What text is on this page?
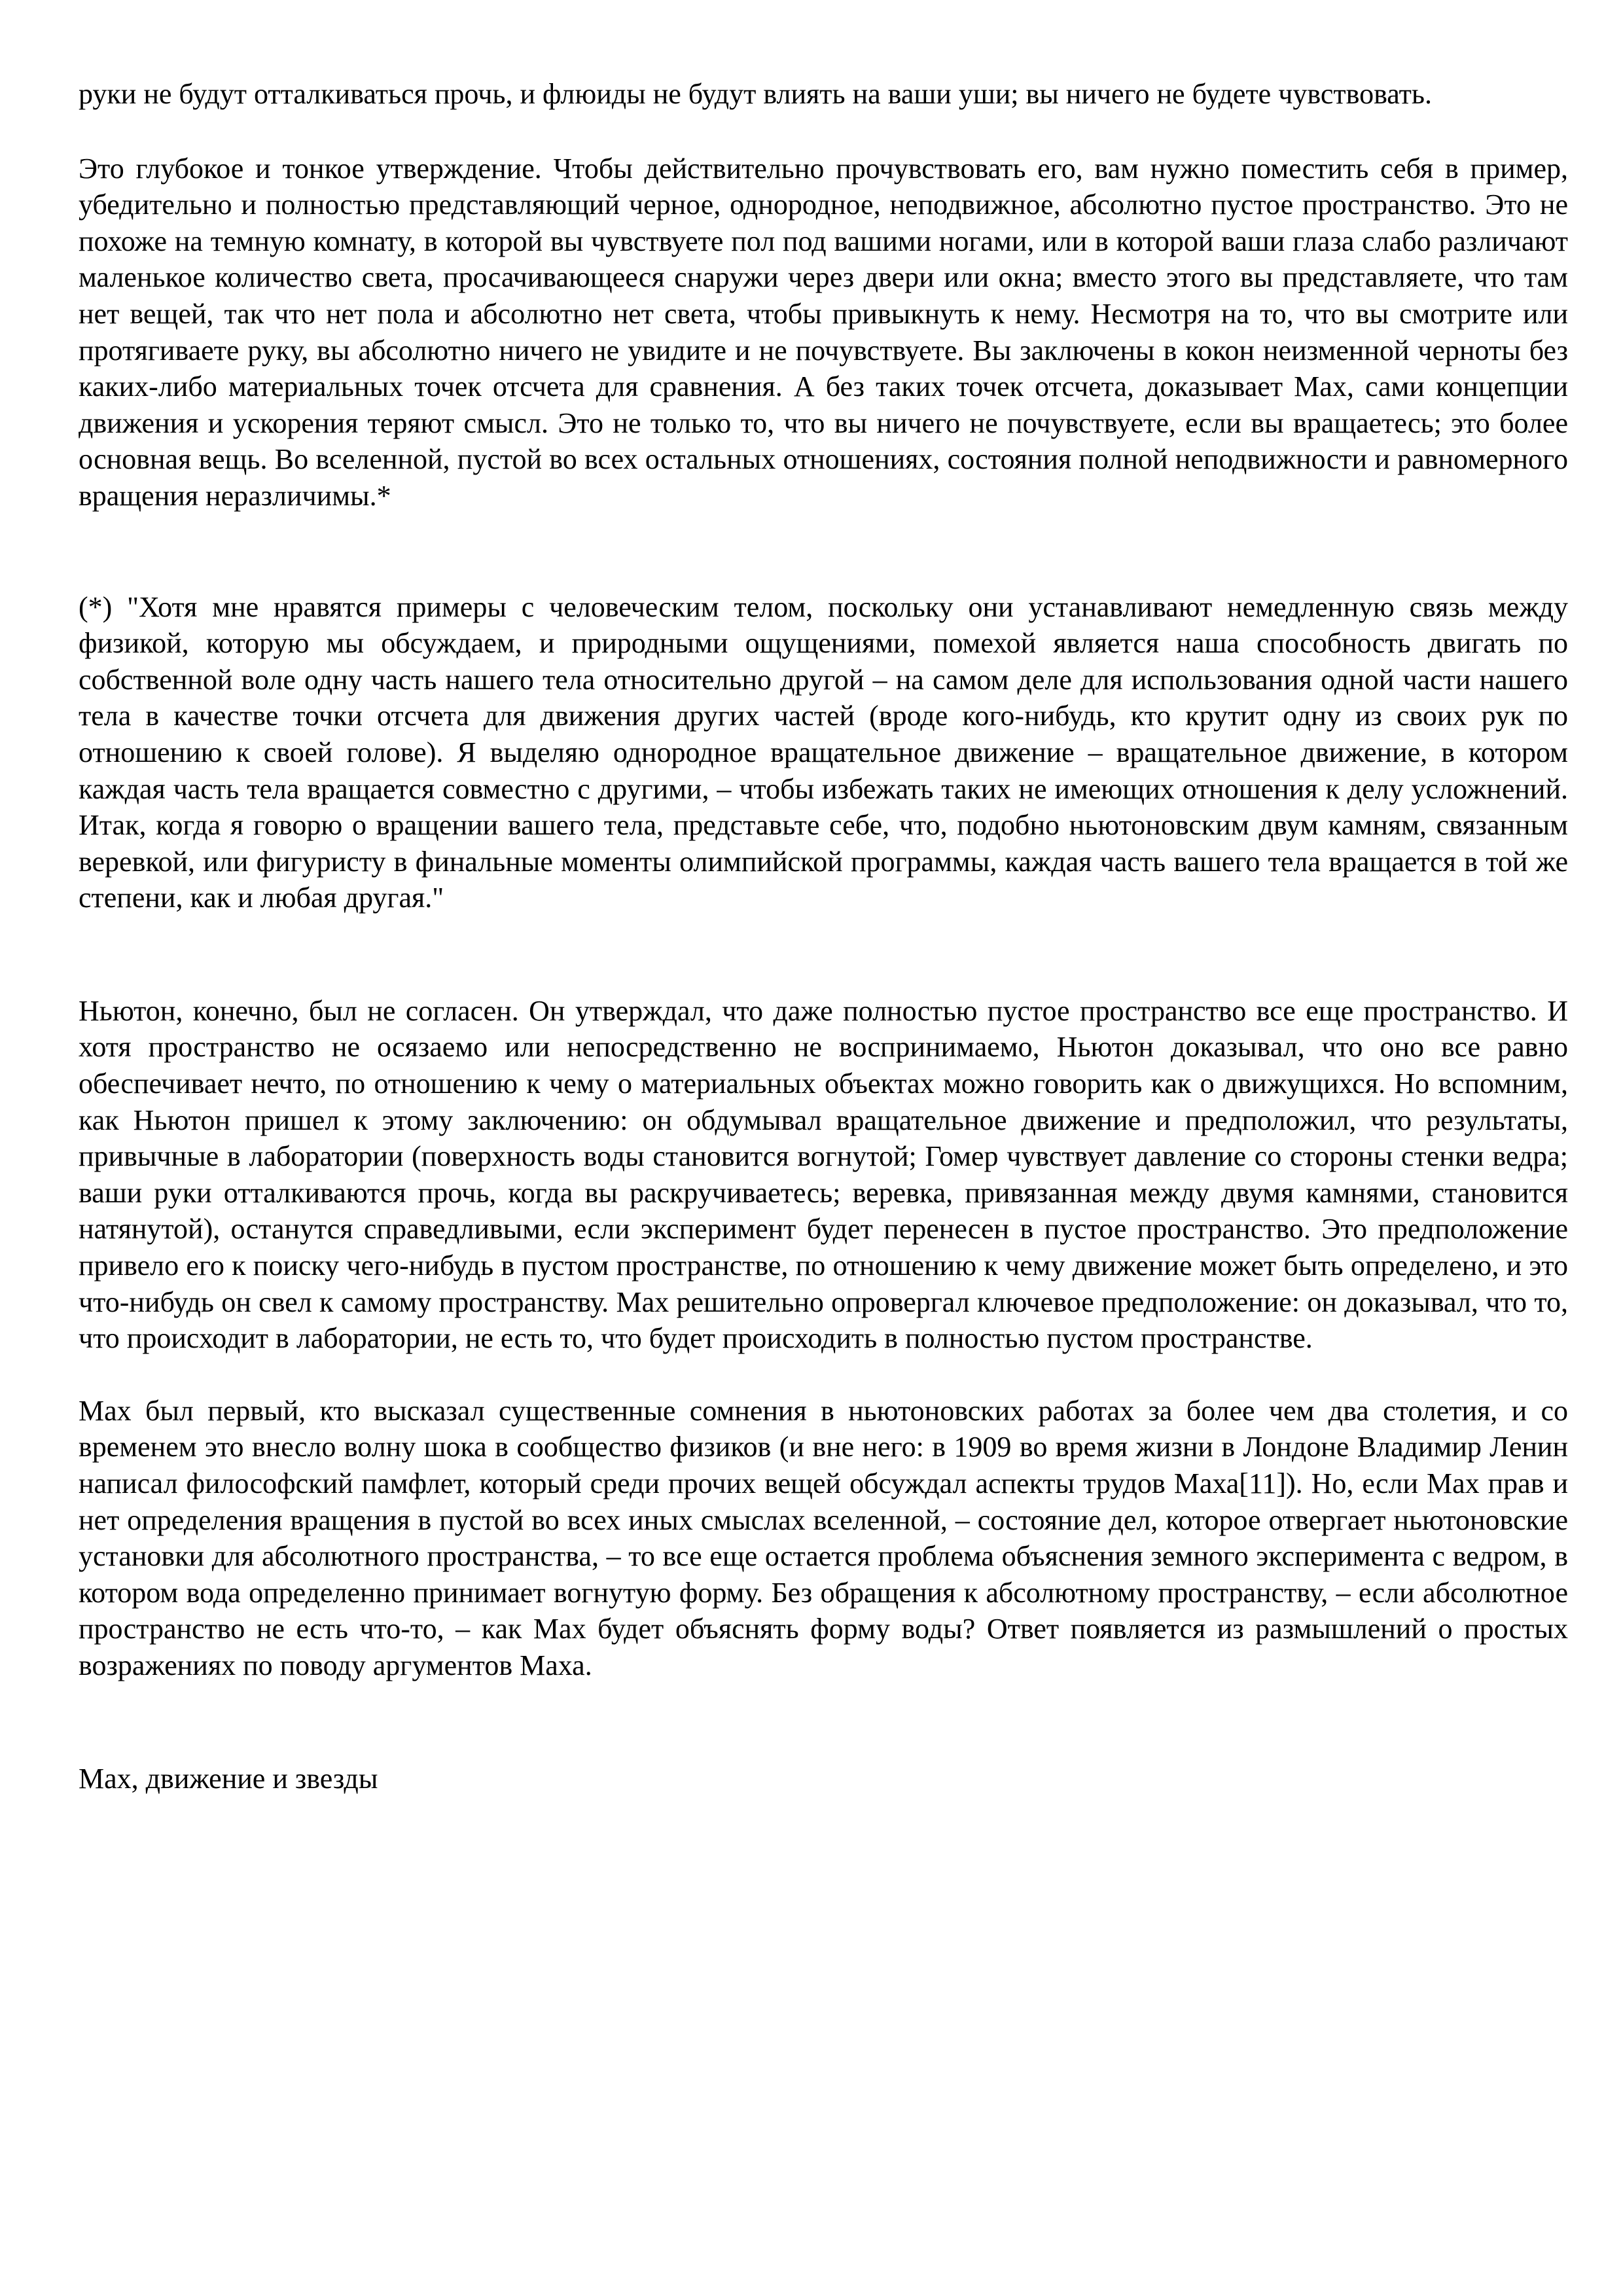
руки не будут отталкиваться прочь, и флюиды не будут влиять на ваши уши; вы ничего не будете чувствовать.

Это глубокое и тонкое утверждение. Чтобы действительно прочувствовать его, вам нужно поместить себя в пример, убедительно и полностью представляющий черное, однородное, неподвижное, абсолютно пустое пространство. Это не похоже на темную комнату, в которой вы чувствуете пол под вашими ногами, или в которой ваши глаза слабо различают маленькое количество света, просачивающееся снаружи через двери или окна; вместо этого вы представляете, что там нет вещей, так что нет пола и абсолютно нет света, чтобы привыкнуть к нему. Несмотря на то, что вы смотрите или протягиваете руку, вы абсолютно ничего не увидите и не почувствуете. Вы заключены в кокон неизменной черноты без каких-либо материальных точек отсчета для сравнения. А без таких точек отсчета, доказывает Мах, сами концепции движения и ускорения теряют смысл. Это не только то, что вы ничего не почувствуете, если вы вращаетесь; это более основная вещь. Во вселенной, пустой во всех остальных отношениях, состояния полной неподвижности и равномерного вращения неразличимы.*

(*) "Хотя мне нравятся примеры с человеческим телом, поскольку они устанавливают немедленную связь между физикой, которую мы обсуждаем, и природными ощущениями, помехой является наша способность двигать по собственной воле одну часть нашего тела относительно другой – на самом деле для использования одной части нашего тела в качестве точки отсчета для движения других частей (вроде кого-нибудь, кто крутит одну из своих рук по отношению к своей голове). Я выделяю однородное вращательное движение – вращательное движение, в котором каждая часть тела вращается совместно с другими, – чтобы избежать таких не имеющих отношения к делу усложнений. Итак, когда я говорю о вращении вашего тела, представьте себе, что, подобно ньютоновским двум камням, связанным веревкой, или фигуристу в финальные моменты олимпийской программы, каждая часть вашего тела вращается в той же степени, как и любая другая."

Ньютон, конечно, был не согласен. Он утверждал, что даже полностью пустое пространство все еще пространство. И хотя пространство не осязаемо или непосредственно не воспринимаемо, Ньютон доказывал, что оно все равно обеспечивает нечто, по отношению к чему о материальных объектах можно говорить как о движущихся. Но вспомним, как Ньютон пришел к этому заключению: он обдумывал вращательное движение и предположил, что результаты, привычные в лаборатории (поверхность воды становится вогнутой; Гомер чувствует давление со стороны стенки ведра; ваши руки отталкиваются прочь, когда вы раскручиваетесь; веревка, привязанная между двумя камнями, становится натянутой), останутся справедливыми, если эксперимент будет перенесен в пустое пространство. Это предположение привело его к поиску чего-нибудь в пустом пространстве, по отношению к чему движение может быть определено, и это что-нибудь он свел к самому пространству. Мах решительно опровергал ключевое предположение: он доказывал, что то, что происходит в лаборатории, не есть то, что будет происходить в полностью пустом пространстве.

Мах был первый, кто высказал существенные сомнения в ньютоновских работах за более чем два столетия, и со временем это внесло волну шока в сообщество физиков (и вне него: в 1909 во время жизни в Лондоне Владимир Ленин написал философский памфлет, который среди прочих вещей обсуждал аспекты трудов Маха[11]). Но, если Мах прав и нет определения вращения в пустой во всех иных смыслах вселенной, – состояние дел, которое отвергает ньютоновские установки для абсолютного пространства, – то все еще остается проблема объяснения земного эксперимента с ведром, в котором вода определенно принимает вогнутую форму. Без обращения к абсолютному пространству, – если абсолютное пространство не есть что-то, – как Мах будет объяснять форму воды? Ответ появляется из размышлений о простых возражениях по поводу аргументов Маха.

Мах, движение и звезды
